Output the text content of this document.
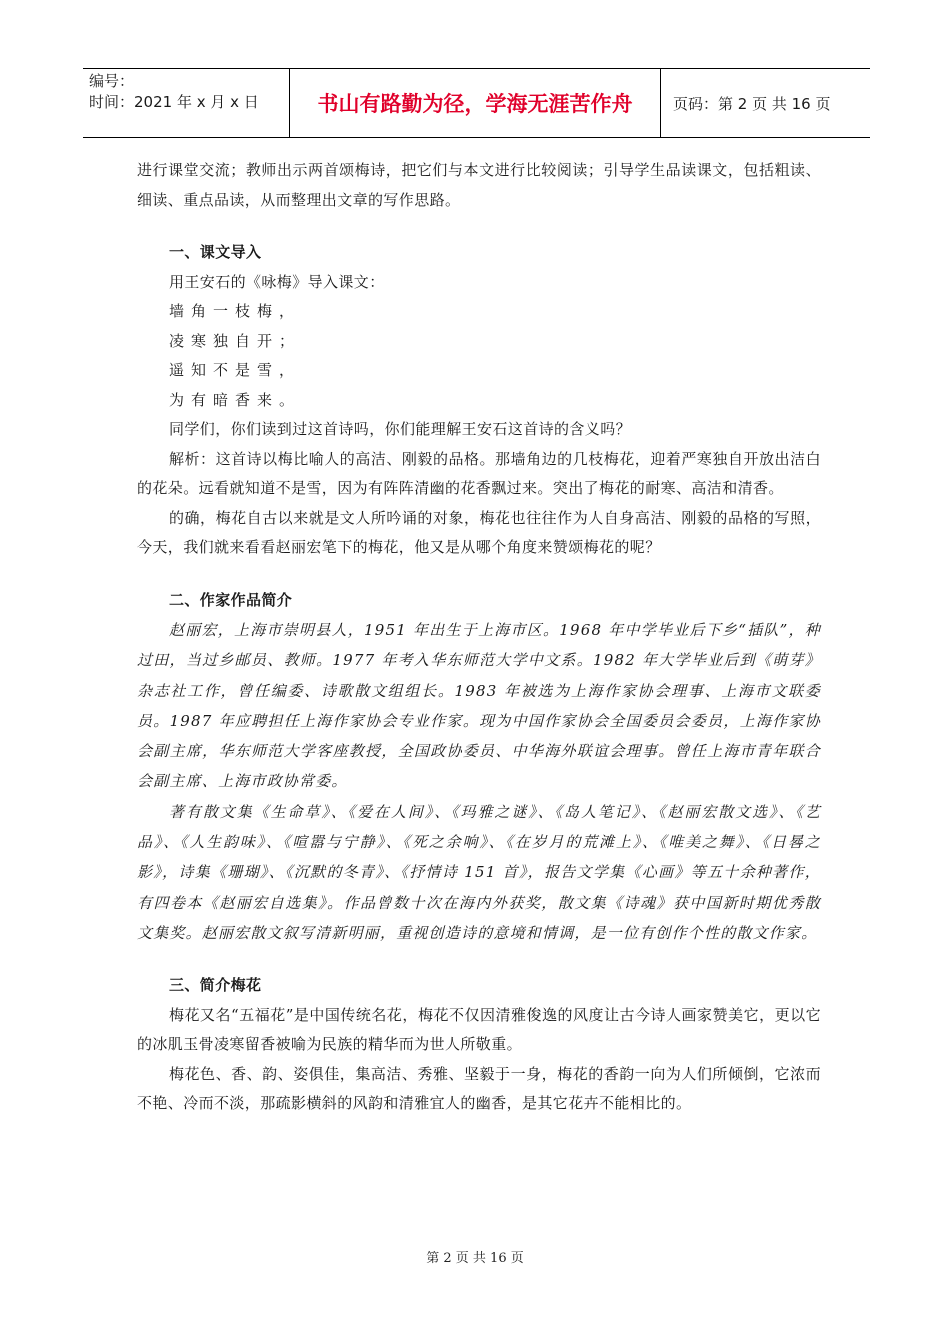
编号：
时间：2021 年 x 月 x 日	书山有路勤为径，学海无涯苦作舟	页码：第 2 页 共 16 页

进行课堂交流；教师出示两首颂梅诗，把它们与本文进行比较阅读；引导学生品读课文，包括粗读、细读、重点品读，从而整理出文章的写作思路。

一、课文导入

用王安石的《咏梅》导入课文：

墙角一枝梅，

凌寒独自开；

遥知不是雪，

为有暗香来。

同学们，你们读到过这首诗吗，你们能理解王安石这首诗的含义吗？

解析：这首诗以梅比喻人的高洁、刚毅的品格。那墙角边的几枝梅花，迎着严寒独自开放出洁白的花朵。远看就知道不是雪，因为有阵阵清幽的花香飘过来。突出了梅花的耐寒、高洁和清香。

的确，梅花自古以来就是文人所吟诵的对象，梅花也往往作为人自身高洁、刚毅的品格的写照，今天，我们就来看看赵丽宏笔下的梅花，他又是从哪个角度来赞颂梅花的呢？

二、作家作品简介

赵丽宏，上海市崇明县人，1951 年出生于上海市区。1968 年中学毕业后下乡“插队”，种过田，当过乡邮员、教师。1977 年考入华东师范大学中文系。1982 年大学毕业后到《萌芽》杂志社工作，曾任编委、诗歌散文组组长。1983 年被选为上海作家协会理事、上海市文联委员。1987 年应聘担任上海作家协会专业作家。现为中国作家协会全国委员会委员，上海作家协会副主席，华东师范大学客座教授，全国政协委员、中华海外联谊会理事。曾任上海市青年联合会副主席、上海市政协常委。

著有散文集《生命草》、《爱在人间》、《玛雅之谜》、《岛人笔记》、《赵丽宏散文选》、《艺品》、《人生韵味》、《喧嚣与宁静》、《死之余响》、《在岁月的荒滩上》、《唯美之舞》、《日晷之影》，诗集《珊瑚》、《沉默的冬青》、《抒情诗 151 首》，报告文学集《心画》等五十余种著作，有四卷本《赵丽宏自选集》。作品曾数十次在海内外获奖，散文集《诗魂》获中国新时期优秀散文集奖。赵丽宏散文叙写清新明丽，重视创造诗的意境和情调，是一位有创作个性的散文作家。

三、简介梅花

梅花又名“五福花”是中国传统名花，梅花不仅因清雅俊逸的风度让古今诗人画家赞美它，更以它的冰肌玉骨凌寒留香被喻为民族的精华而为世人所敬重。

梅花色、香、韵、姿俱佳，集高洁、秀雅、坚毅于一身，梅花的香韵一向为人们所倾倒，它浓而不艳、冷而不淡，那疏影横斜的风韵和清雅宜人的幽香，是其它花卉不能相比的。

第 2 页 共 16 页
